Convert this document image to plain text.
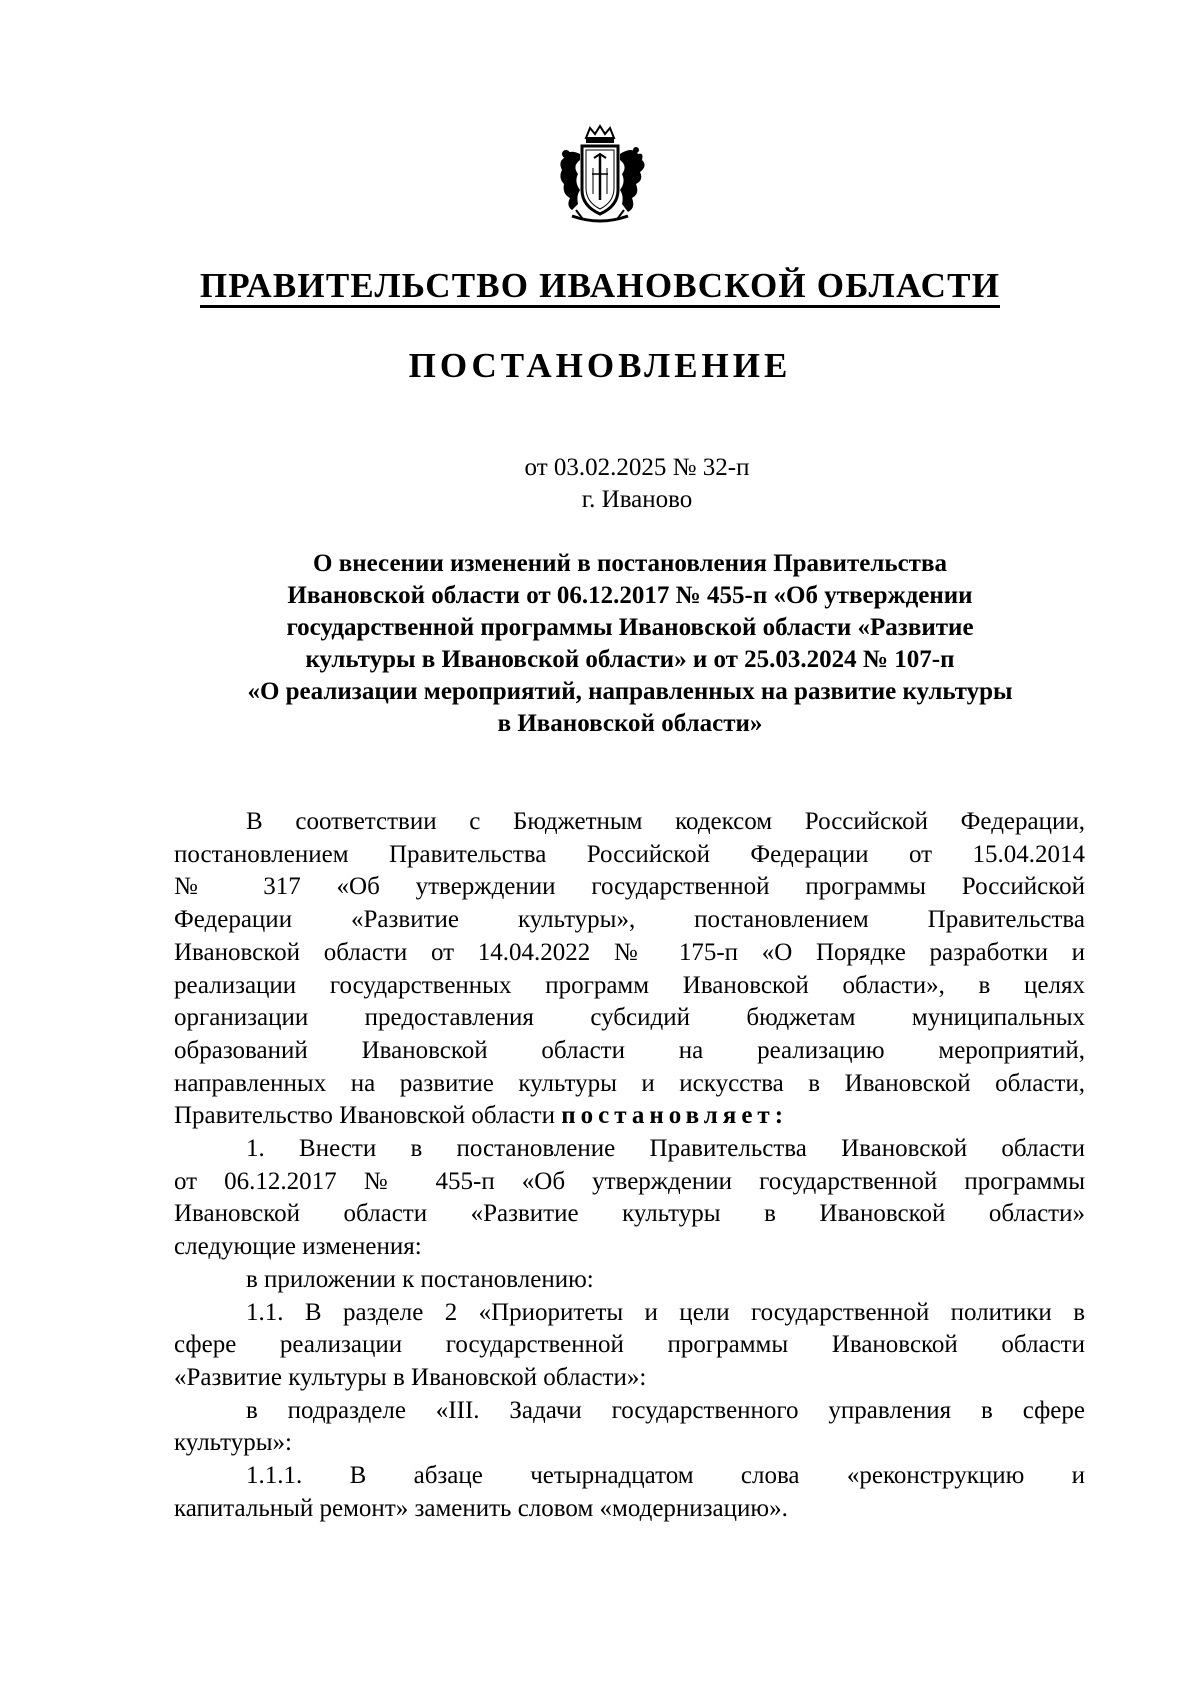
ПРАВИТЕЛЬСТВО ИВАНОВСКОЙ ОБЛАСТИ
ПОСТАНОВЛЕНИЕ
от 03.02.2025 № 32-п
г. Иваново
О внесении изменений в постановления Правительства
Ивановской области от 06.12.2017 № 455-п «Об утверждении
государственной программы Ивановской области «Развитие
культуры в Ивановской области» и от 25.03.2024 № 107-п
«О реализации мероприятий, направленных на развитие культуры
в Ивановской области»
В соответствии с Бюджетным кодексом Российской Федерации,
постановлением Правительства Российской Федерации от 15.04.2014
№ 317 «Об утверждении государственной программы Российской
Федерации «Развитие культуры», постановлением Правительства
Ивановской области от 14.04.2022 № 175-п «О Порядке разработки и
реализации государственных программ Ивановской области», в целях
организации предоставления субсидий бюджетам муниципальных
образований Ивановской области на реализацию мероприятий,
направленных на развитие культуры и искусства в Ивановской области,
Правительство Ивановской области постановляет:
1. Внести в постановление Правительства Ивановской области
от 06.12.2017 № 455-п «Об утверждении государственной программы
Ивановской области «Развитие культуры в Ивановской области»
следующие изменения:
в приложении к постановлению:
1.1. В разделе 2 «Приоритеты и цели государственной политики в
сфере реализации государственной программы Ивановской области
«Развитие культуры в Ивановской области»:
в подразделе «III. Задачи государственного управления в сфере
культуры»:
1.1.1. В абзаце четырнадцатом слова «реконструкцию и
капитальный ремонт» заменить словом «модернизацию».
